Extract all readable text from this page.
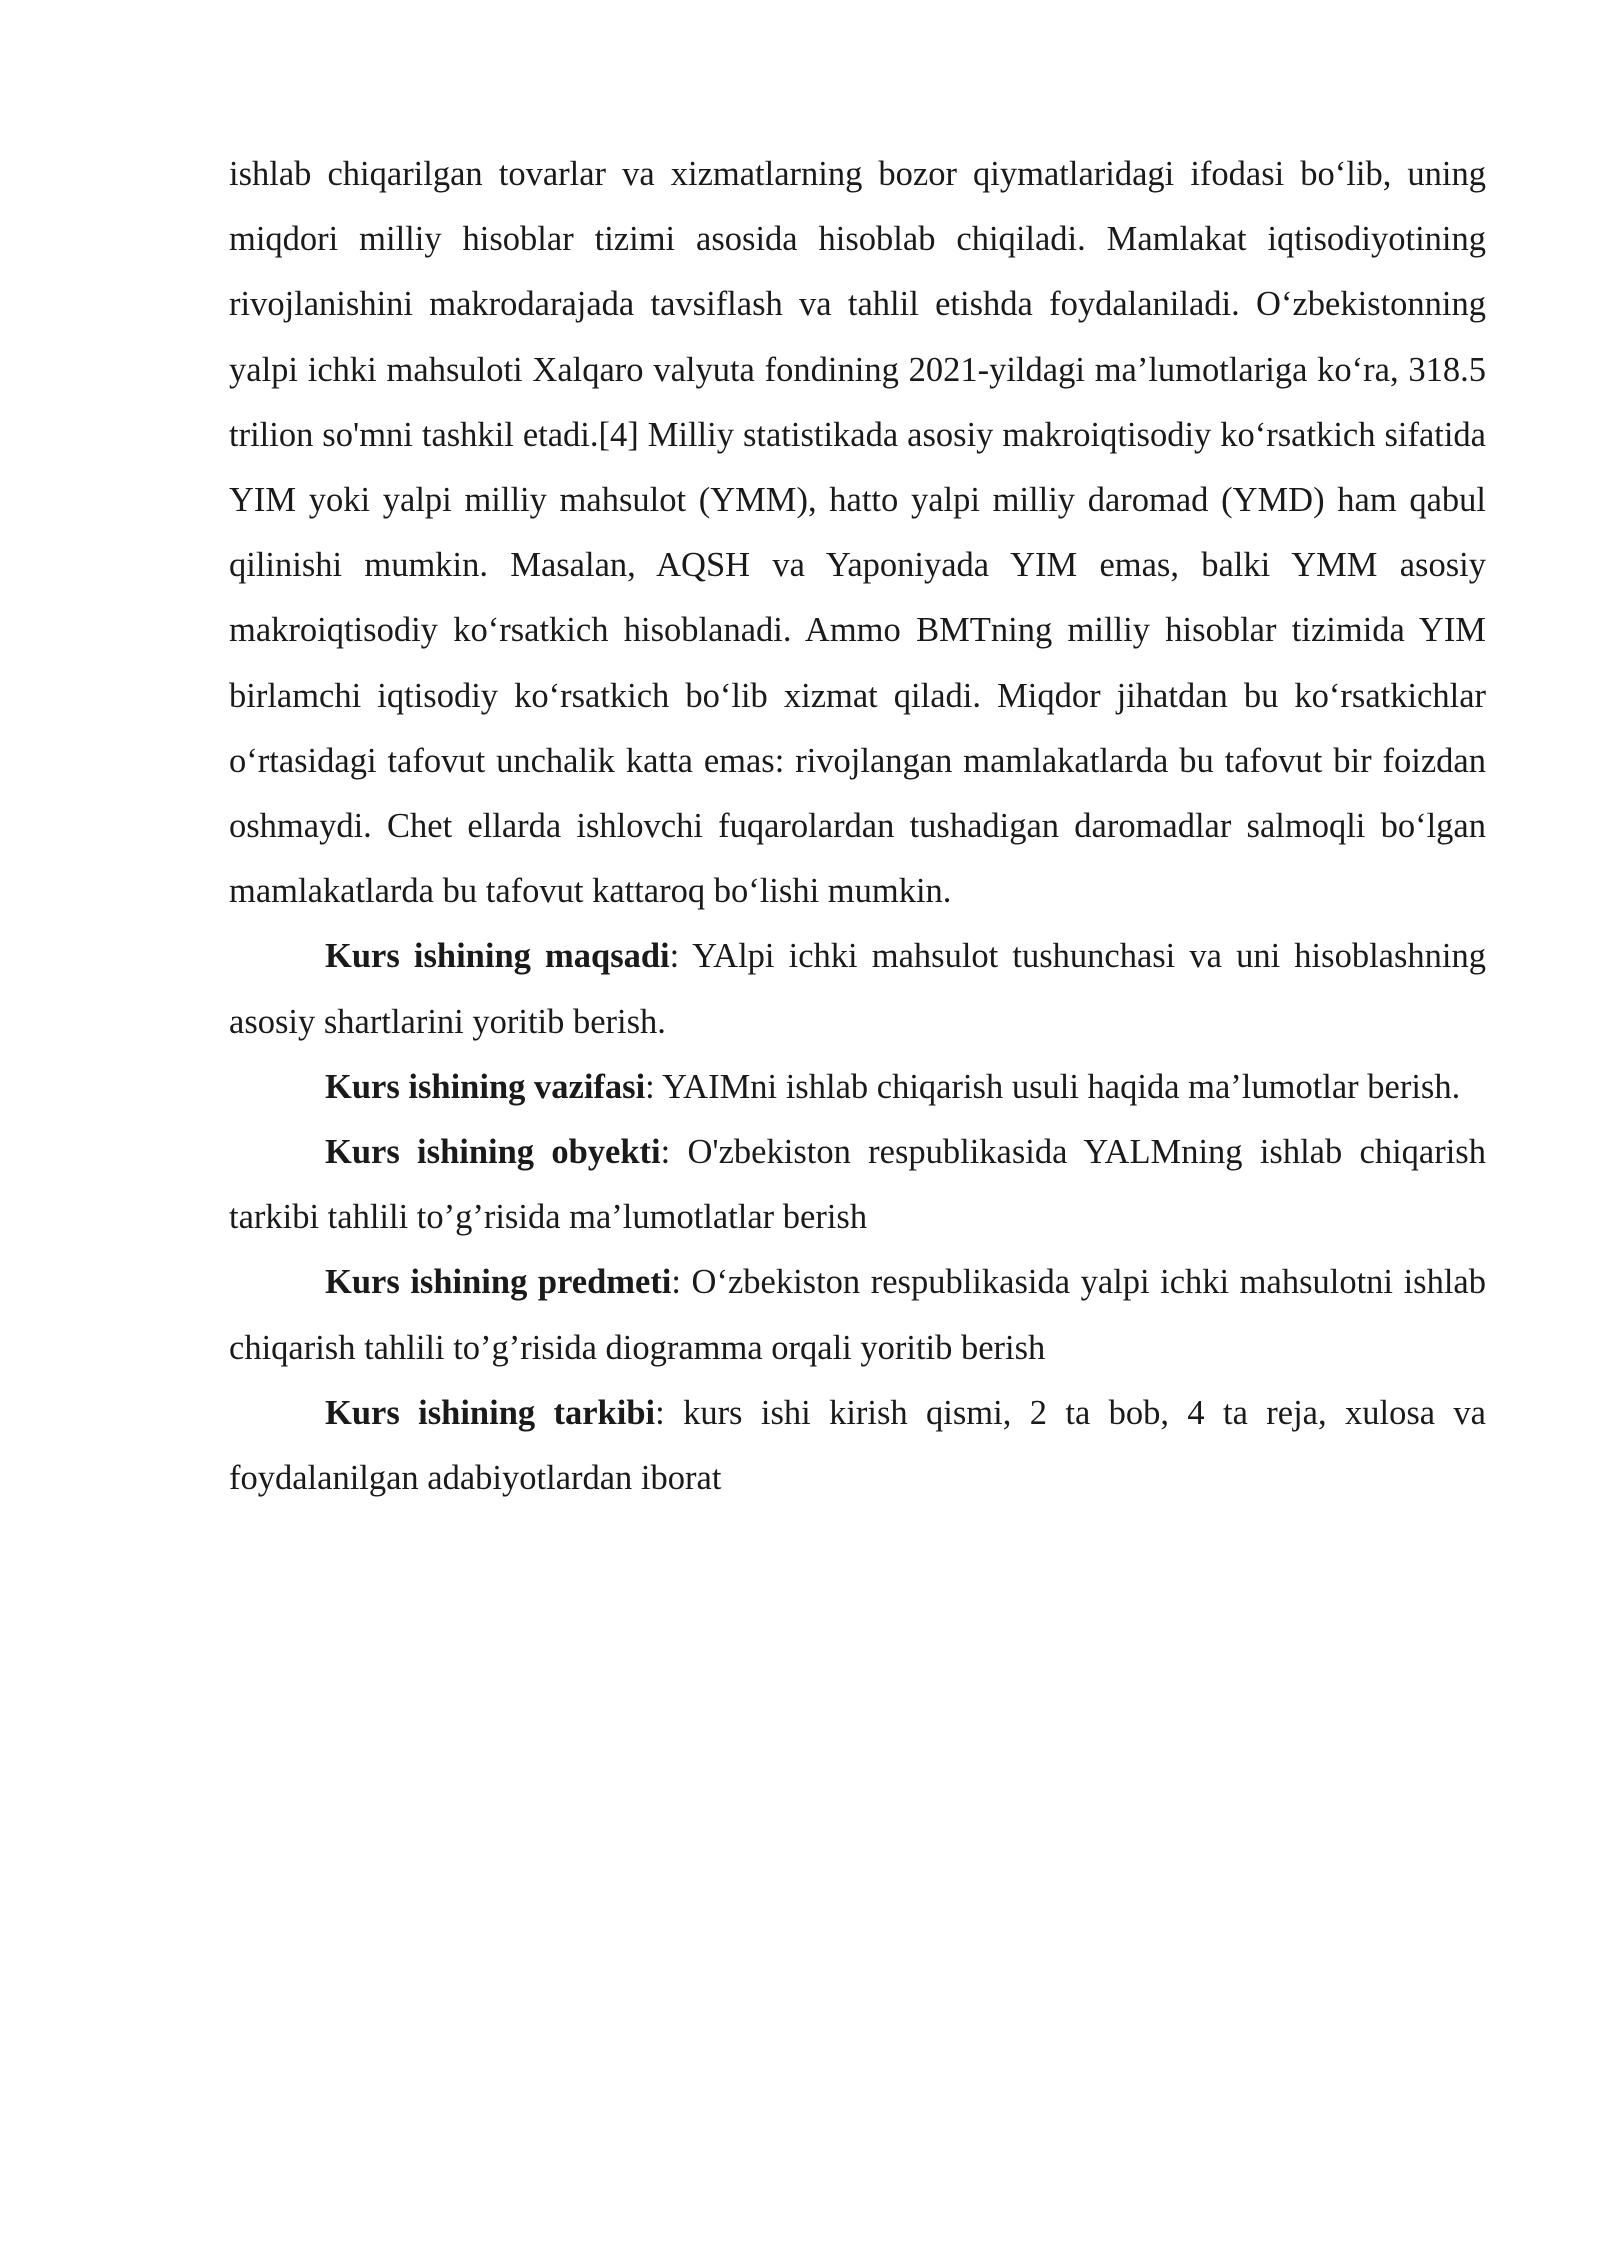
ishlab chiqarilgan tovarlar va xizmatlarning bozor qiymatlaridagi ifodasi bo‘lib, uning miqdori milliy hisoblar tizimi asosida hisoblab chiqiladi. Mamlakat iqtisodiyotining rivojlanishini makrodarajada tavsiflash va tahlil etishda foydalaniladi. O‘zbekistonning yalpi ichki mahsuloti Xalqaro valyuta fondining 2021-yildagi ma’lumotlariga ko‘ra, 318.5 trilion so'mni tashkil etadi.[4] Milliy statistikada asosiy makroiqtisodiy ko‘rsatkich sifatida YIM yoki yalpi milliy mahsulot (YMM), hatto yalpi milliy daromad (YMD) ham qabul qilinishi mumkin. Masalan, AQSH va Yaponiyada YIM emas, balki YMM asosiy makroiqtisodiy ko‘rsatkich hisoblanadi. Ammo BMTning milliy hisoblar tizimida YIM birlamchi iqtisodiy ko‘rsatkich bo‘lib xizmat qiladi. Miqdor jihatdan bu ko‘rsatkichlar o‘rtasidagi tafovut unchalik katta emas: rivojlangan mamlakatlarda bu tafovut bir foizdan oshmaydi. Chet ellarda ishlovchi fuqarolardan tushadigan daromadlar salmoqli bo‘lgan mamlakatlarda bu tafovut kattaroq bo‘lishi mumkin.

Kurs ishining maqsadi: YAlpi ichki mahsulot tushunchasi va uni hisoblashning asosiy shartlarini yoritib berish.

Kurs ishining vazifasi: YAIMni ishlab chiqarish usuli haqida ma’lumotlar berish.

Kurs ishining obyekti: O'zbekiston respublikasida YALMning ishlab chiqarish tarkibi tahlili to’g’risida ma’lumotlatlar berish

Kurs ishining predmeti: O‘zbekiston respublikasida yalpi ichki mahsulotni ishlab chiqarish tahlili to’g’risida diogramma orqali yoritib berish

Kurs ishining tarkibi: kurs ishi kirish qismi, 2 ta bob, 4 ta reja, xulosa va foydalanilgan adabiyotlardan iborat
